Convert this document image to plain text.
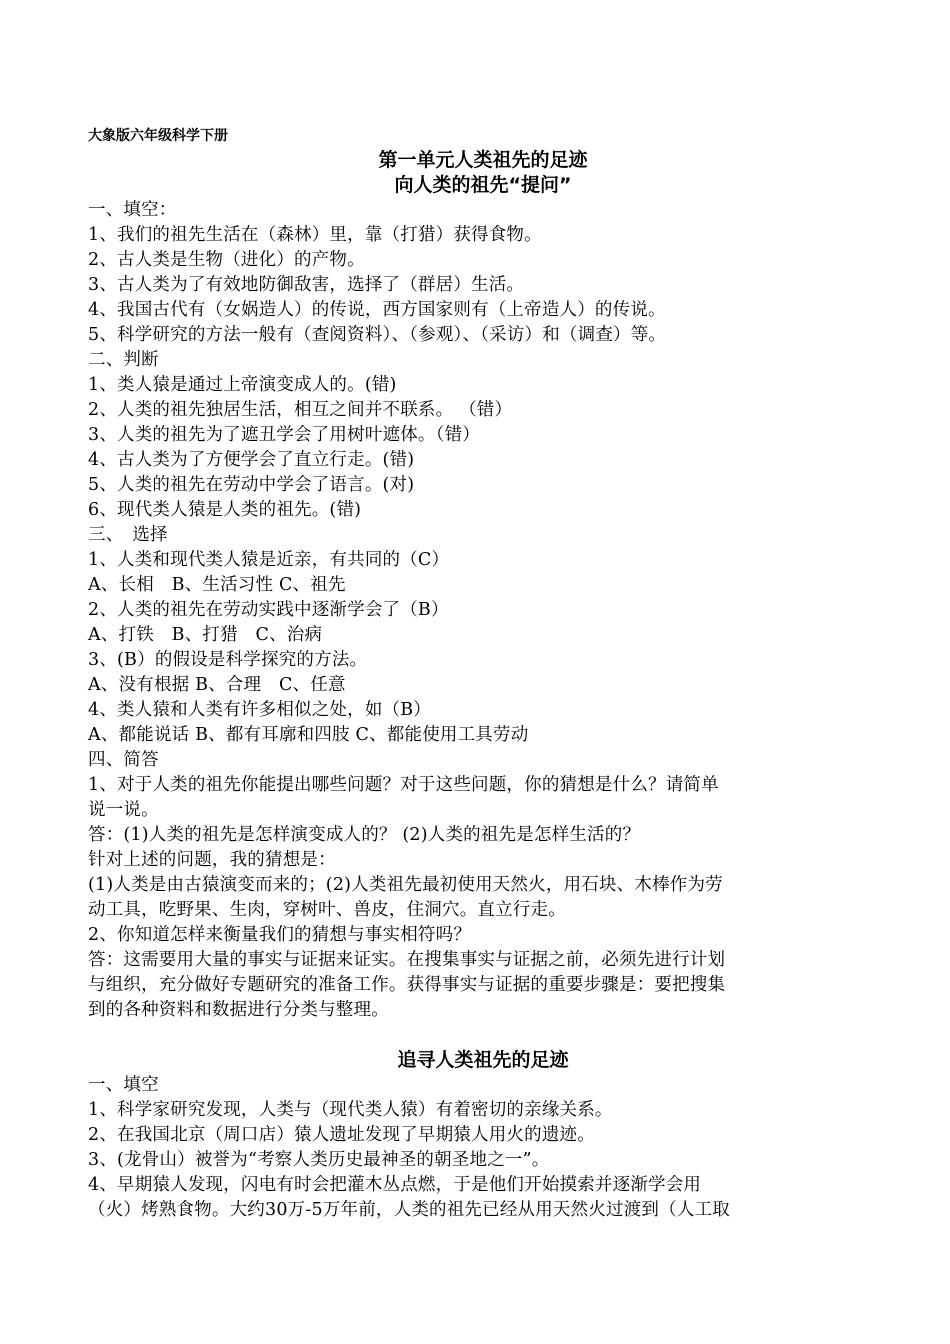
大象版六年级科学下册
第一单元人类祖先的足迹
向人类的祖先“提问”
一、填空：
1、我们的祖先生活在（森林）里，靠（打猎）获得食物。
2、古人类是生物（进化）的产物。
3、古人类为了有效地防御敌害，选择了（群居）生活。
4、我国古代有（女娲造人）的传说，西方国家则有（上帝造人）的传说。
5、科学研究的方法一般有（查阅资料）、（参观）、（采访）和（调查）等。
二、判断
1、类人猿是通过上帝演变成人的。(错)
2、人类的祖先独居生活，相互之间并不联系。 （错）
3、人类的祖先为了遮丑学会了用树叶遮体。（错）
4、古人类为了方便学会了直立行走。(错)
5、人类的祖先在劳动中学会了语言。(对)
6、现代类人猿是人类的祖先。(错)
三、　选择
1、人类和现代类人猿是近亲，有共同的（C）
A、长相　B、生活习性 C、祖先
2、人类的祖先在劳动实践中逐渐学会了（B）
A、打铁　B、打猎　C、治病
3、(B）的假设是科学探究的方法。
A、没有根据 B、合理　C、任意
4、类人猿和人类有许多相似之处，如（B）
A、都能说话 B、都有耳廓和四肢 C、都能使用工具劳动
四、简答
1、对于人类的祖先你能提出哪些问题？对于这些问题，你的猜想是什么？请简单
说一说。
答：(1)人类的祖先是怎样演变成人的？ (2)人类的祖先是怎样生活的？
针对上述的问题，我的猜想是：
(1)人类是由古猿演变而来的；(2)人类祖先最初使用天然火，用石块、木棒作为劳
动工具，吃野果、生肉，穿树叶、兽皮，住洞穴。直立行走。
2、你知道怎样来衡量我们的猜想与事实相符吗？
答：这需要用大量的事实与证据来证实。在搜集事实与证据之前，必须先进行计划
与组织，充分做好专题研究的准备工作。获得事实与证据的重要步骤是：要把搜集
到的各种资料和数据进行分类与整理。
追寻人类祖先的足迹
一、填空
1、科学家研究发现，人类与（现代类人猿）有着密切的亲缘关系。
2、在我国北京（周口店）猿人遗址发现了早期猿人用火的遗迹。
3、(龙骨山）被誉为“考察人类历史最神圣的朝圣地之一”。
4、早期猿人发现，闪电有时会把灌木丛点燃，于是他们开始摸索并逐渐学会用
（火）烤熟食物。大约30万-5万年前，人类的祖先已经从用天然火过渡到（人工取
